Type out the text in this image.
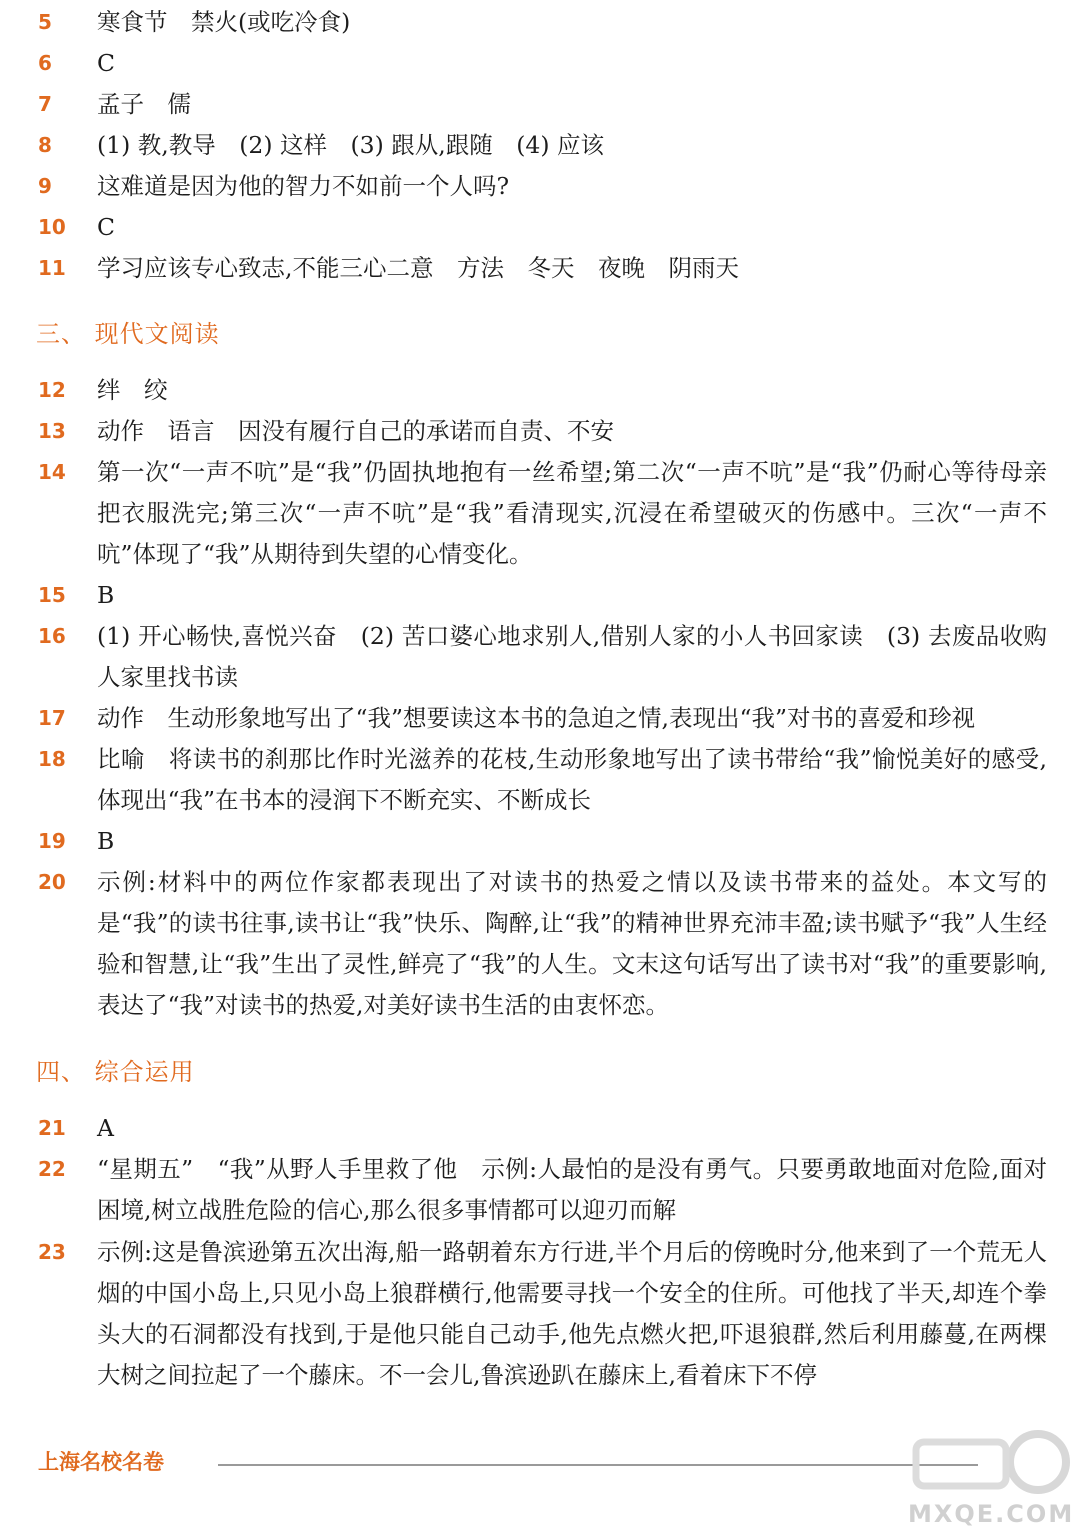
5	寒食节　禁火(或吃冷食)
6	C
7	孟子　儒
8	(1) 教,教导　(2) 这样　(3) 跟从,跟随　(4) 应该
9	这难道是因为他的智力不如前一个人吗?
10	C
11	学习应该专心致志,不能三心二意　方法　冬天　夜晚　阴雨天
三、 现代文阅读
12	绊　绞
13	动作　语言　因没有履行自己的承诺而自责、不安
14	第一次“一声不吭”是“我”仍固执地抱有一丝希望;第二次“一声不吭”是“我”仍耐心等待母亲把衣服洗完;第三次“一声不吭”是“我”看清现实,沉浸在希望破灭的伤感中。三次“一声不吭”体现了“我”从期待到失望的心情变化。
15	B
16	(1) 开心畅快,喜悦兴奋　(2) 苦口婆心地求别人,借别人家的小人书回家读　(3) 去废品收购人家里找书读
17	动作　生动形象地写出了“我”想要读这本书的急迫之情,表现出“我”对书的喜爱和珍视
18	比喻　将读书的刹那比作时光滋养的花枝,生动形象地写出了读书带给“我”愉悦美好的感受,体现出“我”在书本的浸润下不断充实、不断成长
19	B
20	示例:材料中的两位作家都表现出了对读书的热爱之情以及读书带来的益处。本文写的是“我”的读书往事,读书让“我”快乐、陶醉,让“我”的精神世界充沛丰盈;读书赋予“我”人生经验和智慧,让“我”生出了灵性,鲜亮了“我”的人生。文末这句话写出了读书对“我”的重要影响,表达了“我”对读书的热爱,对美好读书生活的由衷怀恋。
四、 综合运用
21	A
22	“星期五”　“我”从野人手里救了他　示例:人最怕的是没有勇气。只要勇敢地面对危险,面对困境,树立战胜危险的信心,那么很多事情都可以迎刃而解
23	示例:这是鲁滨逊第五次出海,船一路朝着东方行进,半个月后的傍晚时分,他来到了一个荒无人烟的中国小岛上,只见小岛上狼群横行,他需要寻找一个安全的住所。可他找了半天,却连个拳头大的石洞都没有找到,于是他只能自己动手,他先点燃火把,吓退狼群,然后利用藤蔓,在两棵大树之间拉起了一个藤床。不一会儿,鲁滨逊趴在藤床上,看着床下不停
上海名校名卷
MXQE.COM
